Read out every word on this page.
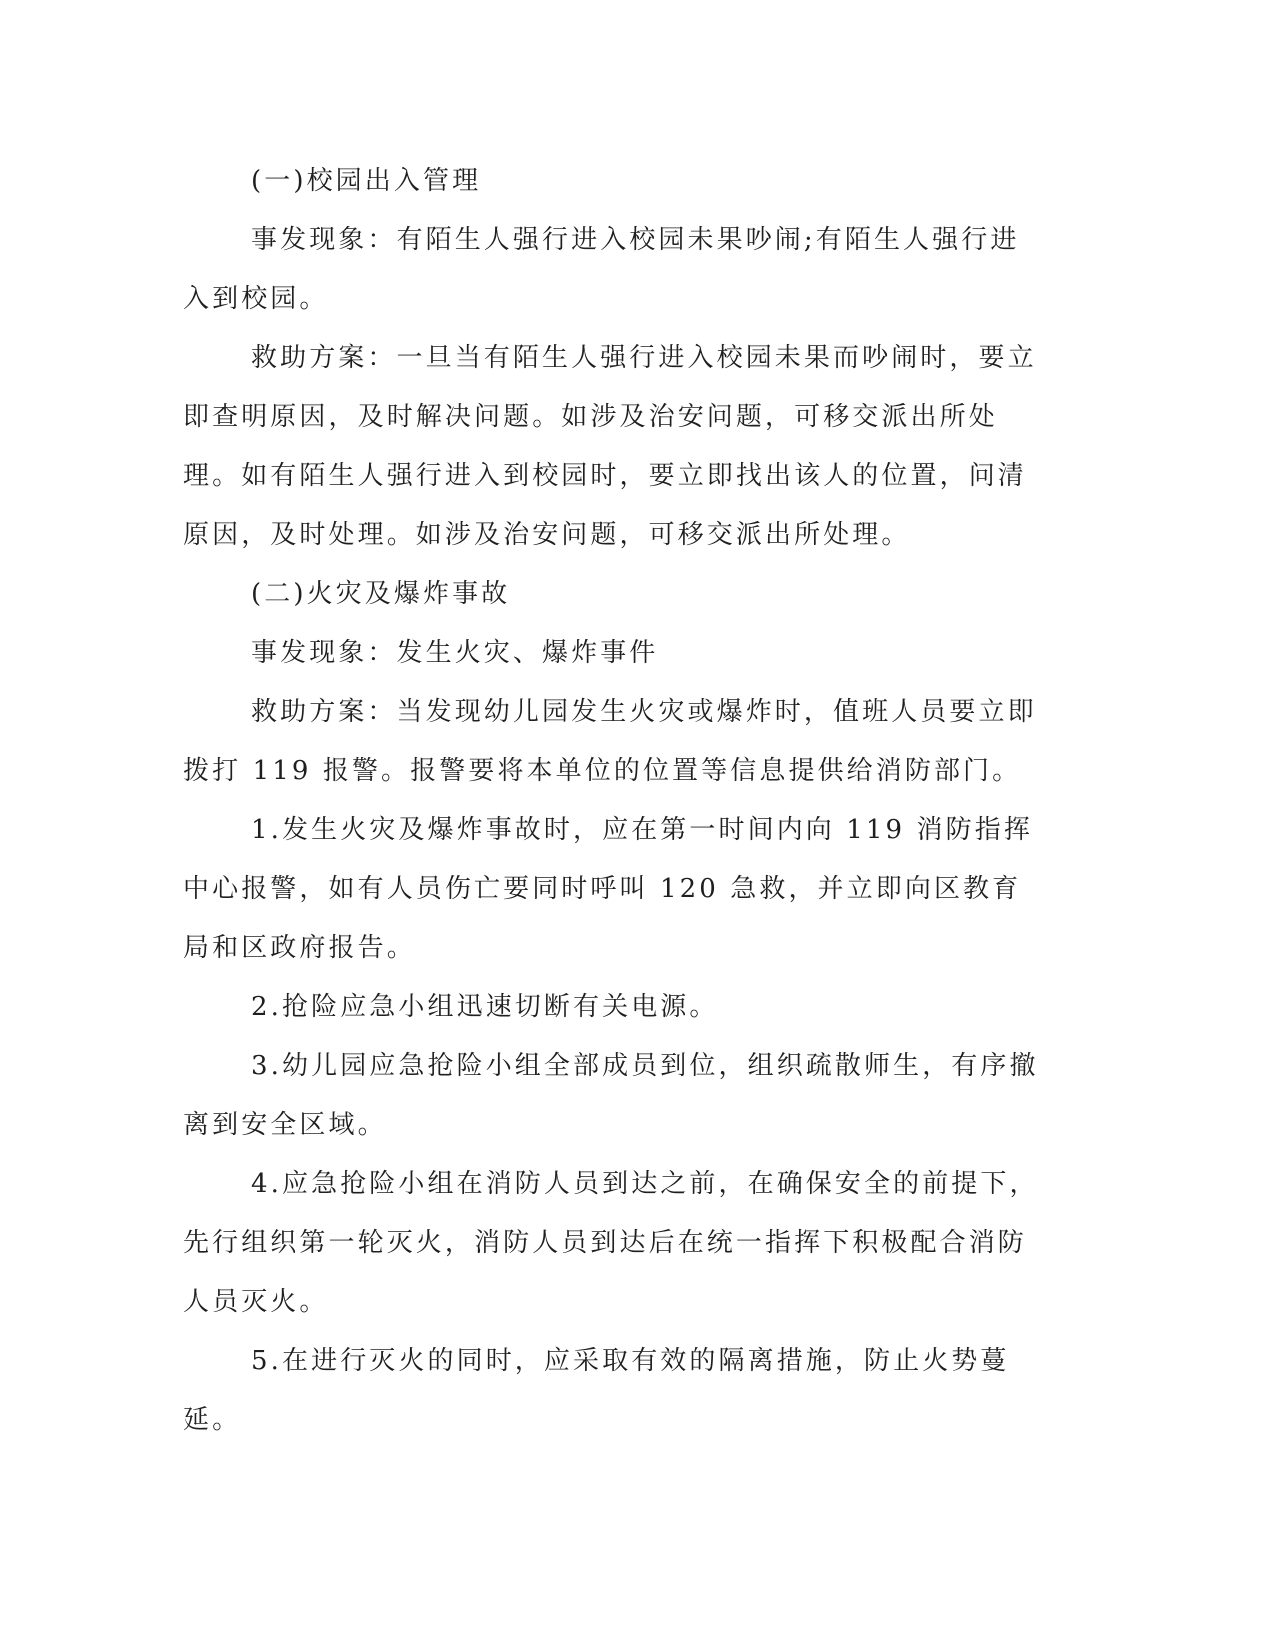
(一)校园出入管理

事发现象：有陌生人强行进入校园未果吵闹;有陌生人强行进入到校园。

救助方案：一旦当有陌生人强行进入校园未果而吵闹时，要立即查明原因，及时解决问题。如涉及治安问题，可移交派出所处理。如有陌生人强行进入到校园时，要立即找出该人的位置，问清原因，及时处理。如涉及治安问题，可移交派出所处理。

(二)火灾及爆炸事故

事发现象：发生火灾、爆炸事件

救助方案：当发现幼儿园发生火灾或爆炸时，值班人员要立即拨打 119 报警。报警要将本单位的位置等信息提供给消防部门。

1.发生火灾及爆炸事故时，应在第一时间内向 119 消防指挥中心报警，如有人员伤亡要同时呼叫 120 急救，并立即向区教育局和区政府报告。

2.抢险应急小组迅速切断有关电源。

3.幼儿园应急抢险小组全部成员到位，组织疏散师生，有序撤离到安全区域。

4.应急抢险小组在消防人员到达之前，在确保安全的前提下，先行组织第一轮灭火，消防人员到达后在统一指挥下积极配合消防人员灭火。

5.在进行灭火的同时，应采取有效的隔离措施，防止火势蔓延。
